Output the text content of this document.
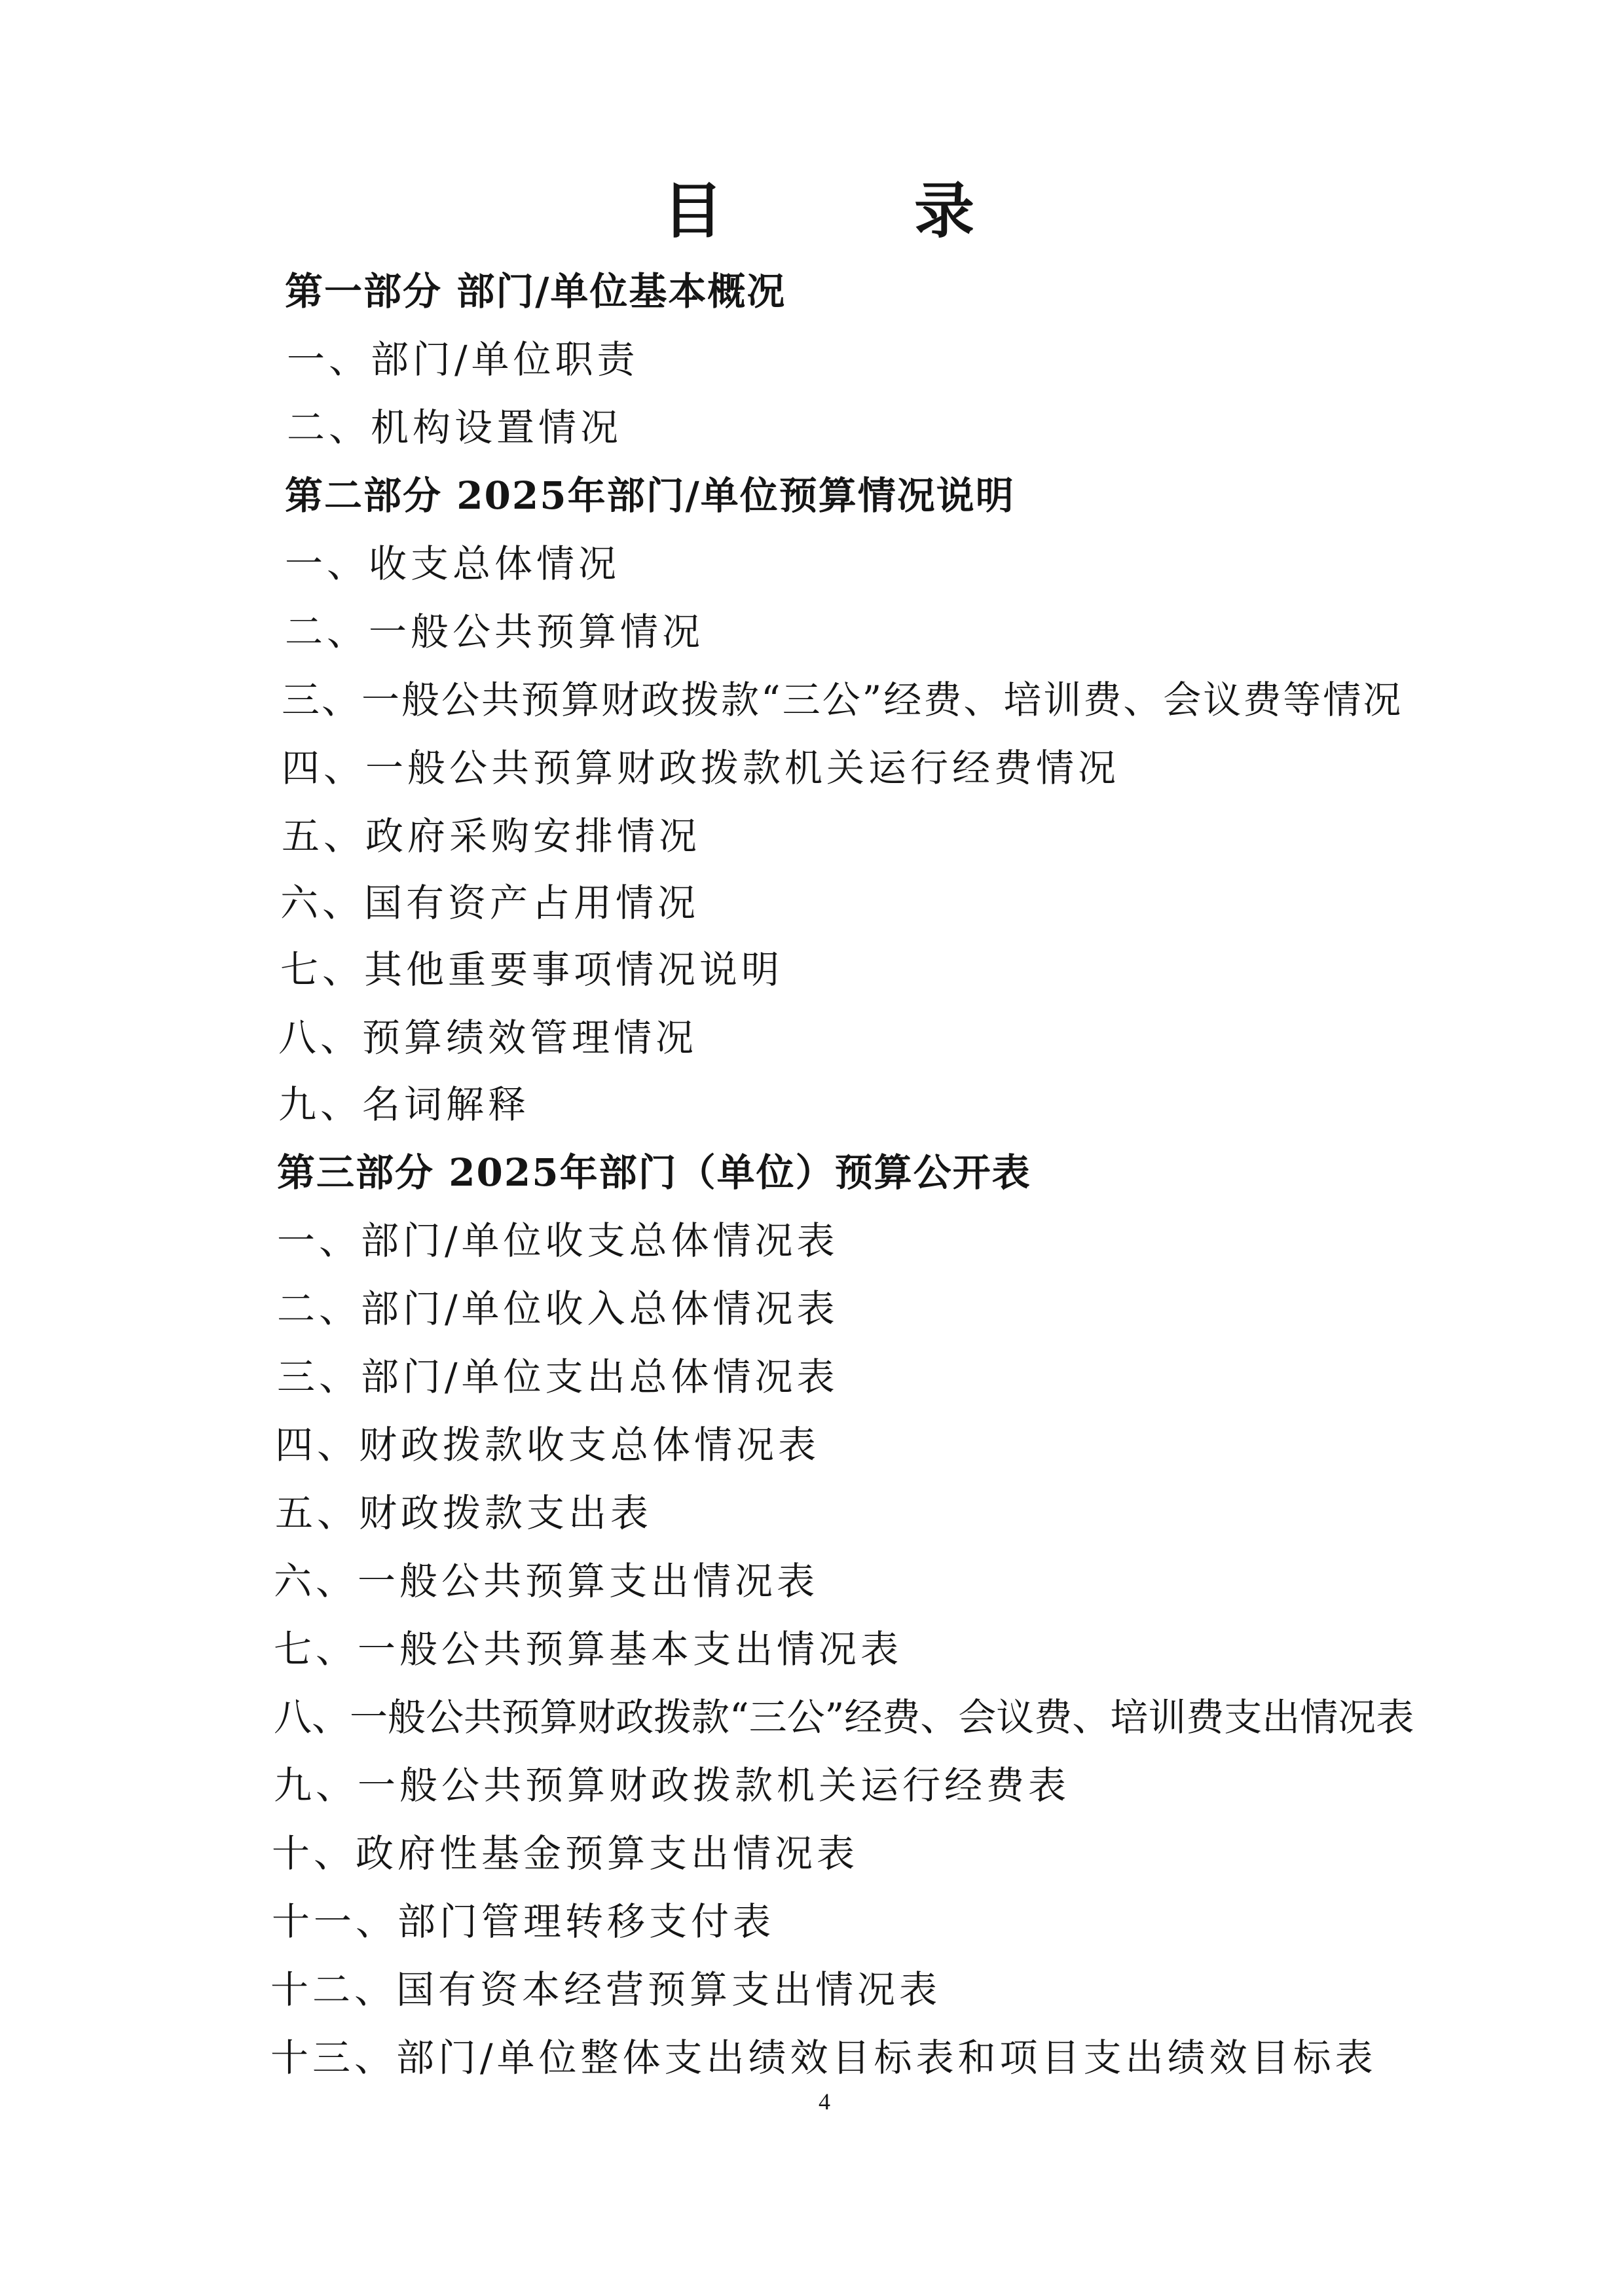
目　录
第一部分 部门/单位基本概况
一、部门/单位职责
二、机构设置情况
第二部分 2025年部门/单位预算情况说明
一、收支总体情况
二、一般公共预算情况
三、一般公共预算财政拨款“三公”经费、培训费、会议费等情况
四、一般公共预算财政拨款机关运行经费情况
五、政府采购安排情况
六、国有资产占用情况
七、其他重要事项情况说明
八、预算绩效管理情况
九、名词解释
第三部分 2025年部门（单位）预算公开表
一、部门/单位收支总体情况表
二、部门/单位收入总体情况表
三、部门/单位支出总体情况表
四、财政拨款收支总体情况表
五、财政拨款支出表
六、一般公共预算支出情况表
七、一般公共预算基本支出情况表
八、一般公共预算财政拨款“三公”经费、会议费、培训费支出情况表
九、一般公共预算财政拨款机关运行经费表
十、政府性基金预算支出情况表
十一、部门管理转移支付表
十二、国有资本经营预算支出情况表
十三、部门/单位整体支出绩效目标表和项目支出绩效目标表
4
